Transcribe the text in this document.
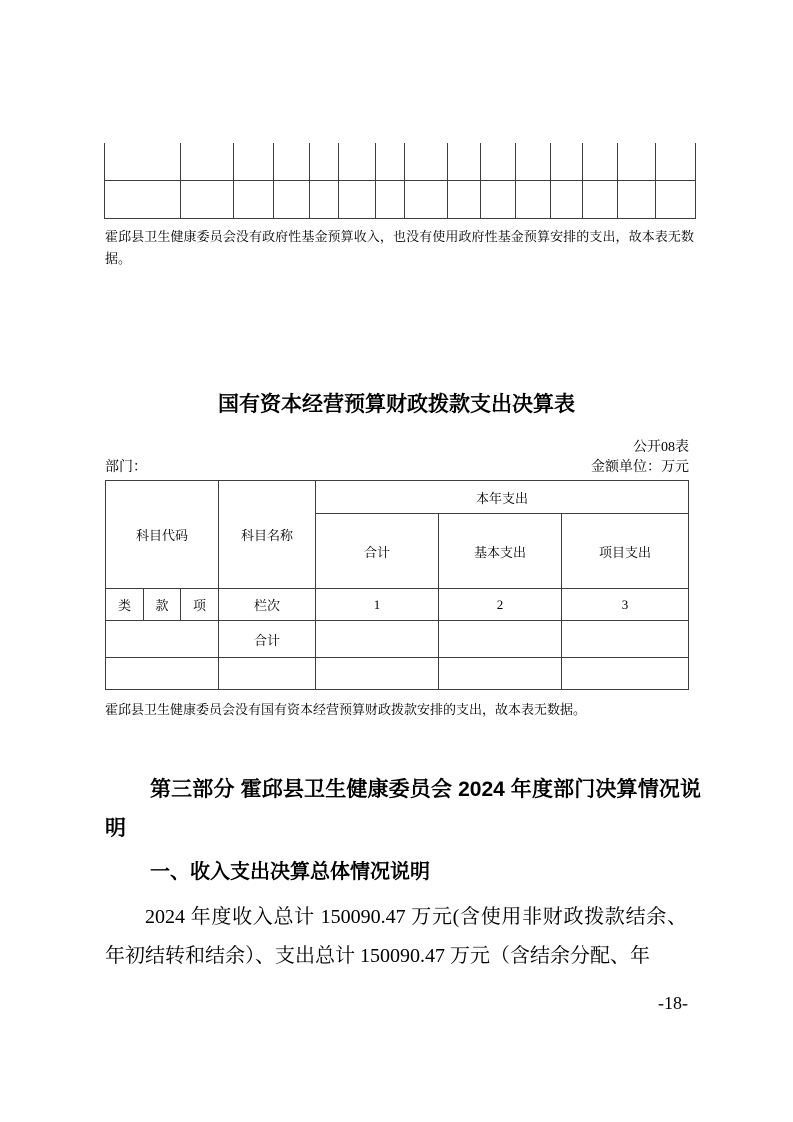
霍邱县卫生健康委员会没有政府性基金预算收入，也没有使用政府性基金预算安排的支出，故本表无数据。
国有资本经营预算财政拨款支出决算表
公开08表
部门：	金额单位：万元
科目代码			科目名称	本年支出		
				合计	基本支出	项目支出
类	款	项	栏次	1	2	3
			合计			

霍邱县卫生健康委员会没有国有资本经营预算财政拨款安排的支出，故本表无数据。
第三部分 霍邱县卫生健康委员会 2024 年度部门决算情况说明
一、收入支出决算总体情况说明
2024 年度收入总计 150090.47 万元(含使用非财政拨款结余、年初结转和结余）、支出总计 150090.47 万元（含结余分配、年
-18-
